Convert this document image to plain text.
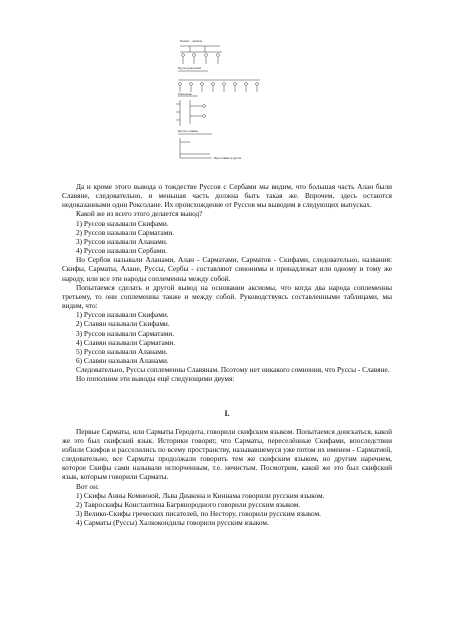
Калект - данахм
Прото-роксолане
Роксолане
Прото-славяне
Праславяне и руссы

Да и кроме этого вывода о тождестве Руссов с Сербами мы видим, что большая часть Алан были Славяне, следовательно, и меньшая часть должна быть такая же. Впрочем, здесь остаются недоказанными одни Роксолане. Их происхождение от Руссов мы выводим в следующих выпусках.

Какой же из всего этого делается вывод?

1) Руссов называли Скифами.

2) Руссов называли Сарматами.

3) Руссов называли Аланами.

4) Руссов называли Сербами.

Но Сербов называли Аланами, Алан - Сарматами, Сарматов - Скифами, следовательно, названия: Скифы, Сарматы, Алане, Руссы, Сербы - составляют синонимы и принадлежат или одному и тому же народу, или все эти народы соплеменны между собой.

Попытаемся сделать и другой вывод на основании аксиомы, что когда два народа соплеменны третьему, то они соплеменны также и между собой. Руководствуясь составленными таблицами, мы видим, что:

1) Руссов называли Скифами.

2) Славян называли Скифами.

3) Руссов называли Сарматами.

4) Славян называли Сарматами.

5) Руссов называли Аланами.

6) Славян называли Аланами.

Следовательно, Руссы соплеменны Славянам. Поэтому нет никакого сомнения, что Руссы - Славяне.

Но пополним эти выводы ещё следующими двумя:

I.

Первые Сарматы, или Сарматы Геродота, говорили скифским языком. Попытаемся доискаться, какой же это был скифский язык. Историки говорят, что Сарматы, переселённые Скифами, впоследствии избили Скифов и расселились по всему пространству, называвшемуся уже потом их именем - Сарматией, следовательно, все Сарматы продолжали говорить тем же скифским языком, но другим наречием, которое Скифы сами называли испорченным, т.е. нечистым. Посмотрим, какой же это был скифский язык, которым говорили Сарматы.

Вот он:

1) Скифы Анны Комненой, Льва Диакона и Киннама говорили русским языком.

2) Тавроскифы Константина Багрянородного говорили русским языком.

3) Велико-Скифы греческих писателей, по Нестору, говорили русским языком.

4) Сарматы (Руссы) Халкокондилы говорили русским языком.
